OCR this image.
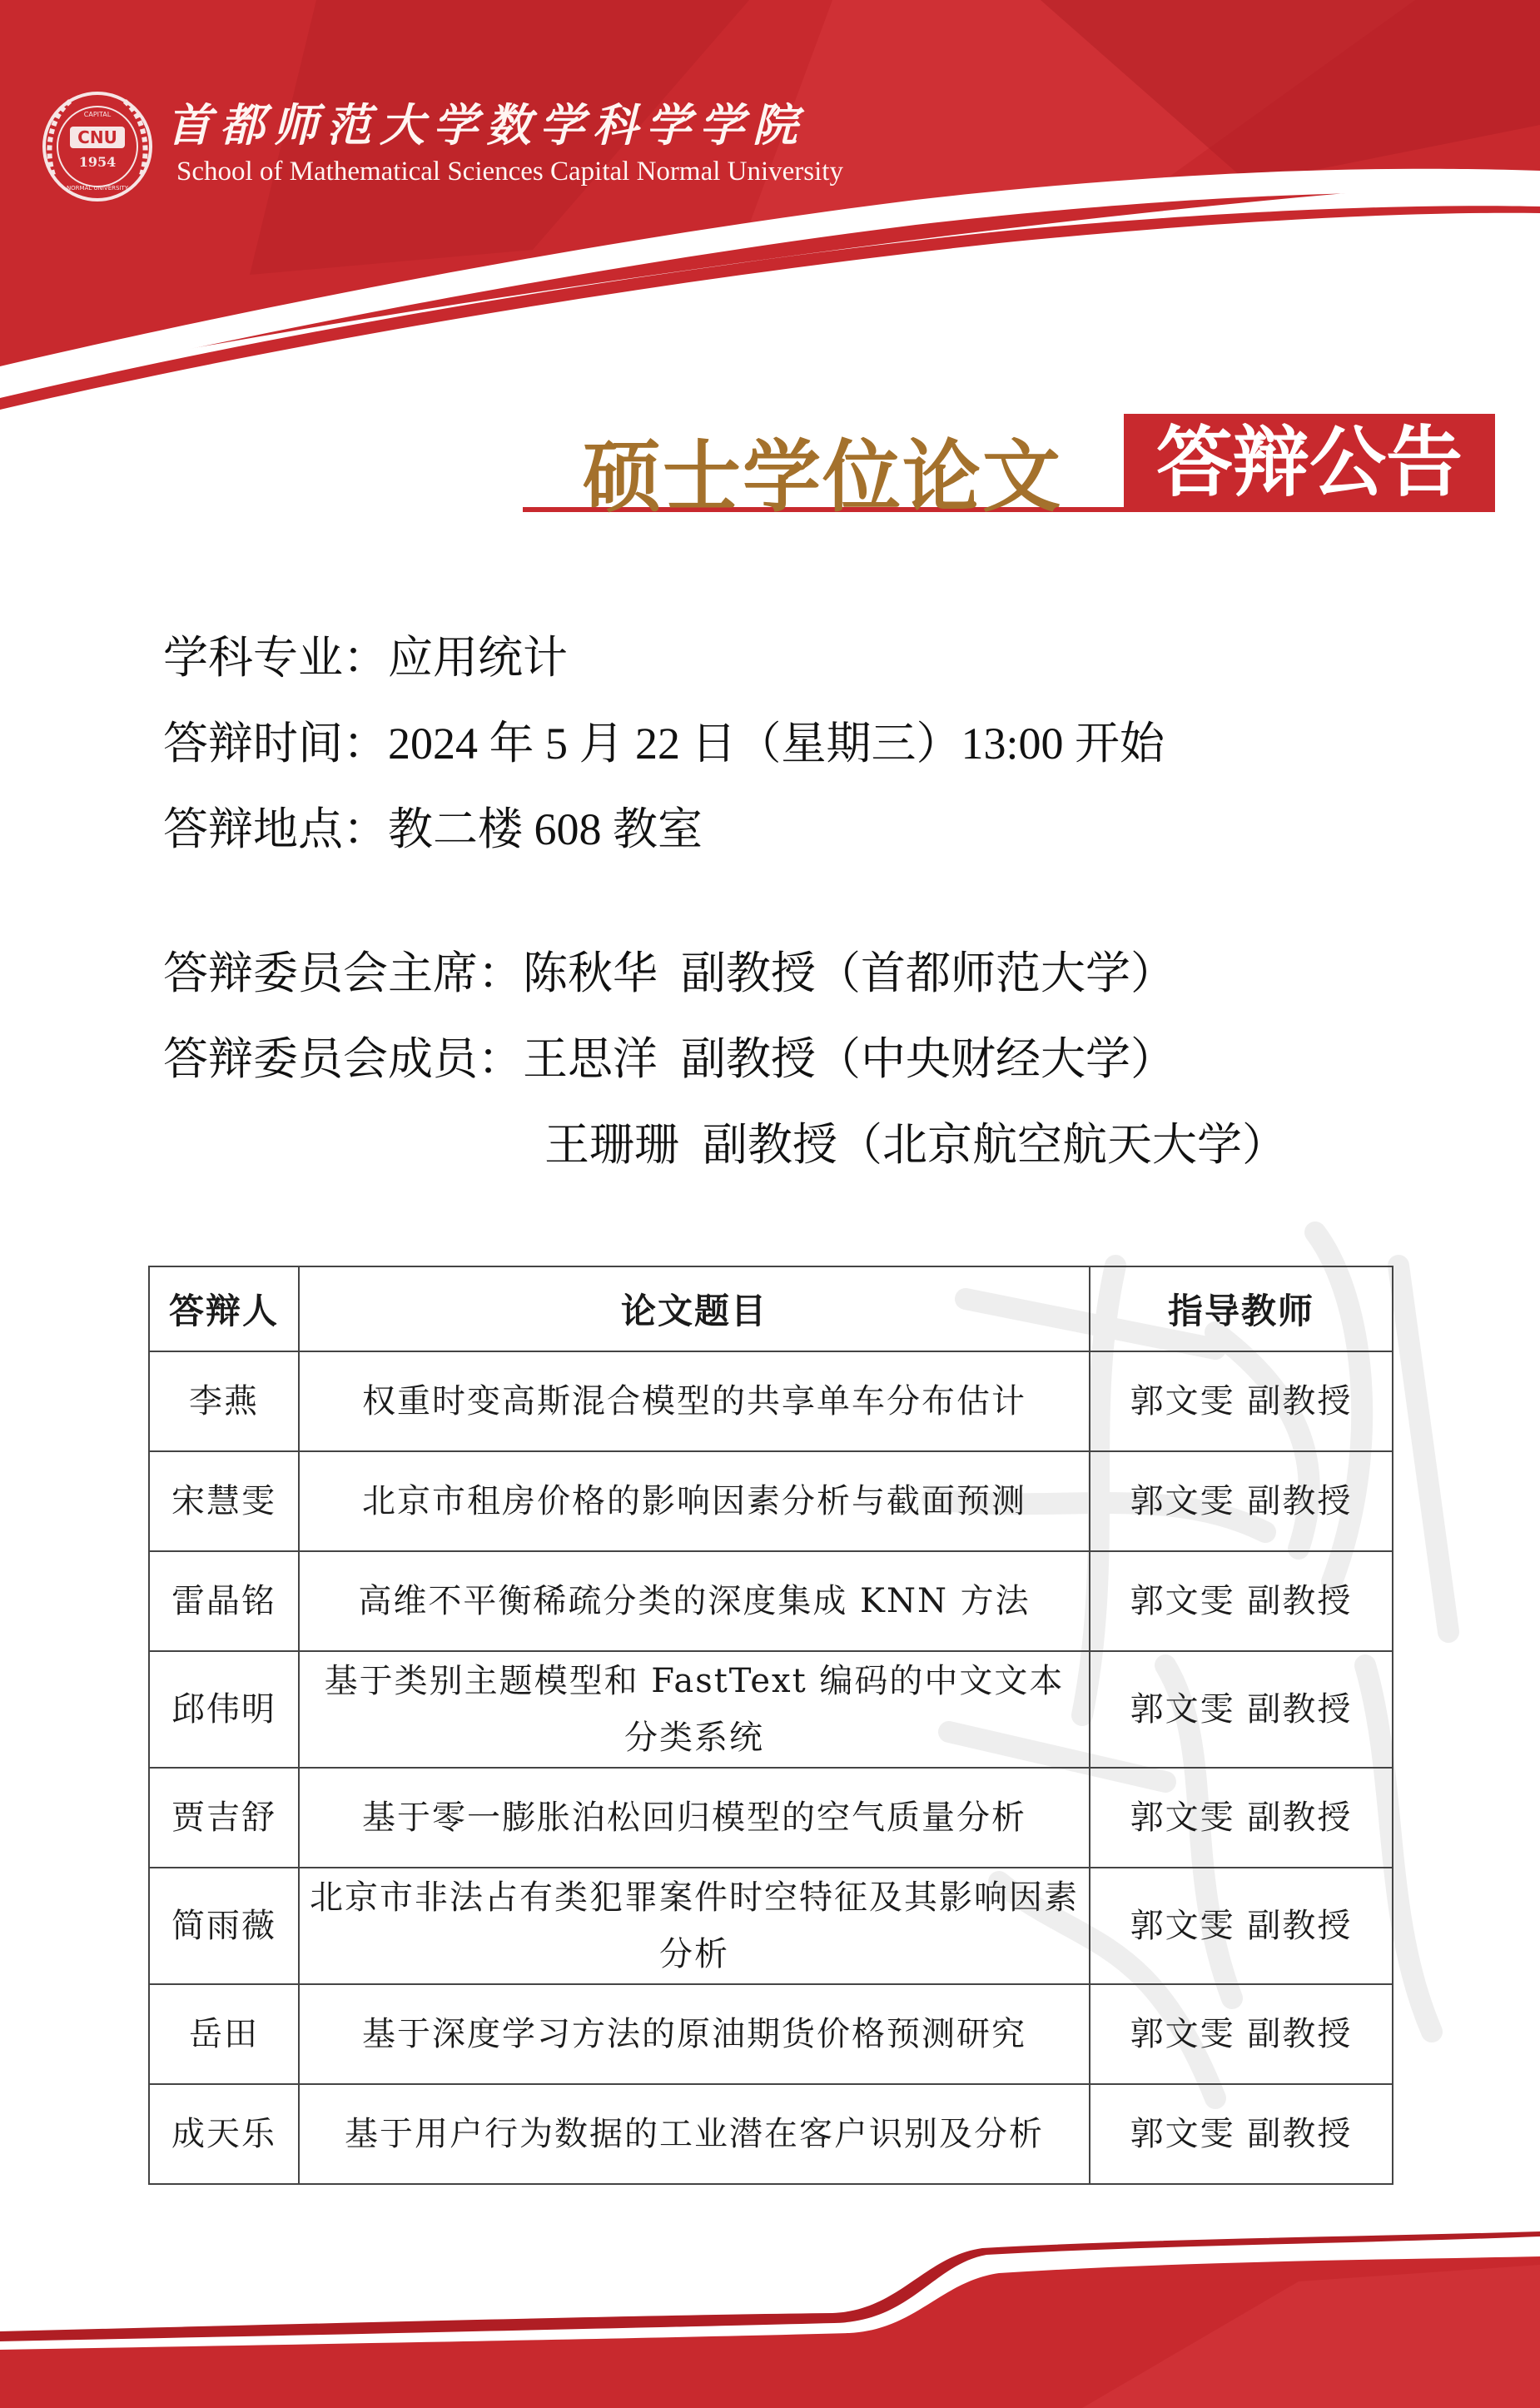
CNU
1954
CAPITAL
NORMAL UNIVERSITY
首都师范大学数学科学学院
School of Mathematical Sciences Capital Normal University
硕士学位论文	答辩公告
学科专业：应用统计
答辩时间：2024 年 5 月 22 日（星期三）13:00 开始
答辩地点：教二楼 608 教室
答辩委员会主席：陈秋华 副教授（首都师范大学）
答辩委员会成员：王思洋 副教授（中央财经大学）
王珊珊 副教授（北京航空航天大学）
答辩人	论文题目	指导教师
李燕	权重时变高斯混合模型的共享单车分布估计	郭文雯 副教授
宋慧雯	北京市租房价格的影响因素分析与截面预测	郭文雯 副教授
雷晶铭	高维不平衡稀疏分类的深度集成 KNN 方法	郭文雯 副教授
邱伟明	基于类别主题模型和 FastText 编码的中文文本分类系统	郭文雯 副教授
贾吉舒	基于零一膨胀泊松回归模型的空气质量分析	郭文雯 副教授
简雨薇	北京市非法占有类犯罪案件时空特征及其影响因素分析	郭文雯 副教授
岳田	基于深度学习方法的原油期货价格预测研究	郭文雯 副教授
成天乐	基于用户行为数据的工业潜在客户识别及分析	郭文雯 副教授
